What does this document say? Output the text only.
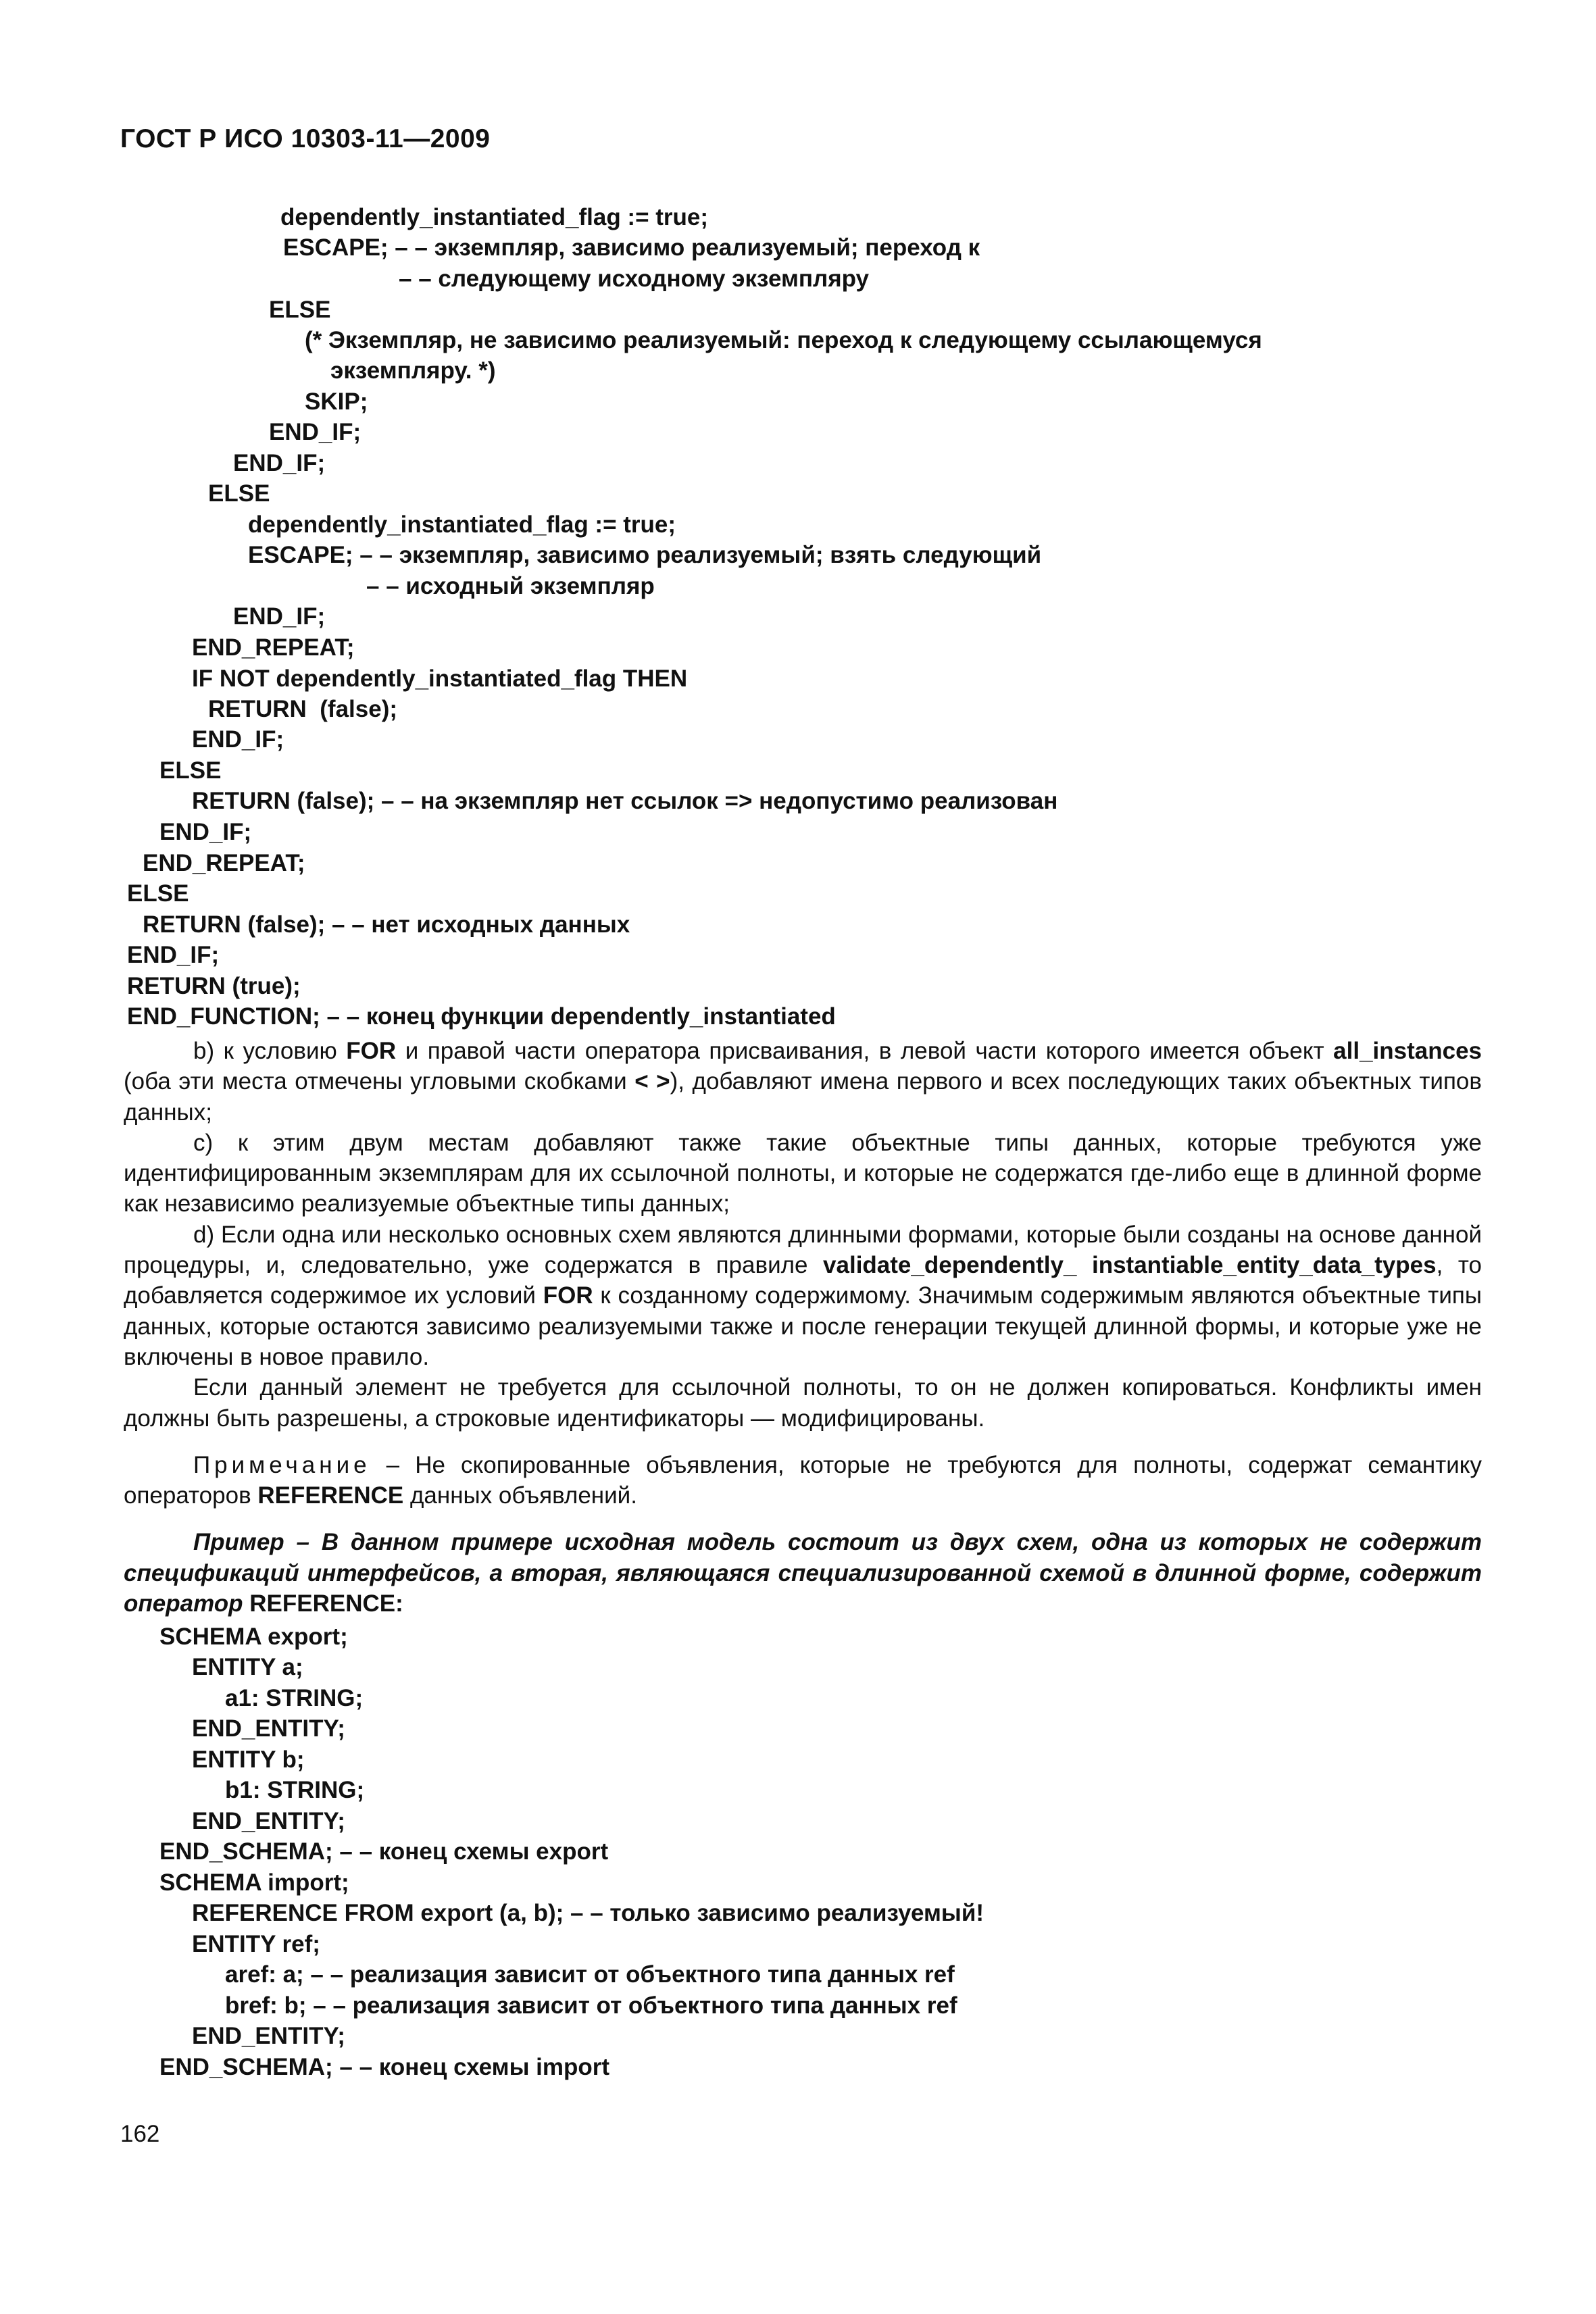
ГОСТ Р ИСО 10303-11—2009
dependently_instantiated_flag := true;
ESCAPE; – – экземпляр, зависимо реализуемый; переход к
– – следующему исходному экземпляру
ELSE
(* Экземпляр, не зависимо реализуемый: переход к следующему ссылающемуся
экземпляру. *)
SKIP;
END_IF;
END_IF;
ELSE
dependently_instantiated_flag := true;
ESCAPE; – – экземпляр, зависимо реализуемый; взять следующий
– – исходный экземпляр
END_IF;
END_REPEAT;
IF NOT dependently_instantiated_flag THEN
RETURN  (false);
END_IF;
ELSE
RETURN (false); – – на экземпляр нет ссылок => недопустимо реализован
END_IF;
END_REPEAT;
ELSE
RETURN (false); – – нет исходных данных
END_IF;
RETURN (true);
END_FUNCTION; – – конец функции dependently_instantiated

b) к условию FOR и правой части оператора присваивания, в левой части которого имеется объект all_instances (оба эти места отмечены угловыми скобками < >), добавляют имена первого и всех последующих таких объектных типов данных;

c) к этим двум местам добавляют также такие объектные типы данных, которые требуются уже идентифицированным экземплярам для их ссылочной полноты, и которые не содержатся где-либо еще в длинной форме как независимо реализуемые объектные типы данных;

d) Если одна или несколько основных схем являются длинными формами, которые были созданы на основе данной процедуры, и, следовательно, уже содержатся в правиле validate_dependently_ instantiable_entity_data_types, то добавляется содержимое их условий FOR к созданному содержимому. Значимым содержимым являются объектные типы данных, которые остаются зависимо реализуемыми также и после генерации текущей длинной формы, и которые уже не включены в новое правило.

Если данный элемент не требуется для ссылочной полноты, то он не должен копироваться. Конфликты имен должны быть разрешены, а строковые идентификаторы — модифицированы.

Примечание – Не скопированные объявления, которые не требуются для полноты, содержат семантику операторов REFERENCE данных объявлений.

Пример – В данном примере исходная модель состоит из двух схем, одна из которых не содержит спецификаций интерфейсов, а вторая, являющаяся специализированной схемой в длинной форме, содержит оператор REFERENCE:

SCHEMA export;
ENTITY a;
a1: STRING;
END_ENTITY;
ENTITY b;
b1: STRING;
END_ENTITY;
END_SCHEMA; – – конец схемы export
SCHEMA import;
REFERENCE FROM export (a, b); – – только зависимо реализуемый!
ENTITY ref;
aref: a; – – реализация зависит от объектного типа данных ref
bref: b; – – реализация зависит от объектного типа данных ref
END_ENTITY;
END_SCHEMA; – – конец схемы import
162
